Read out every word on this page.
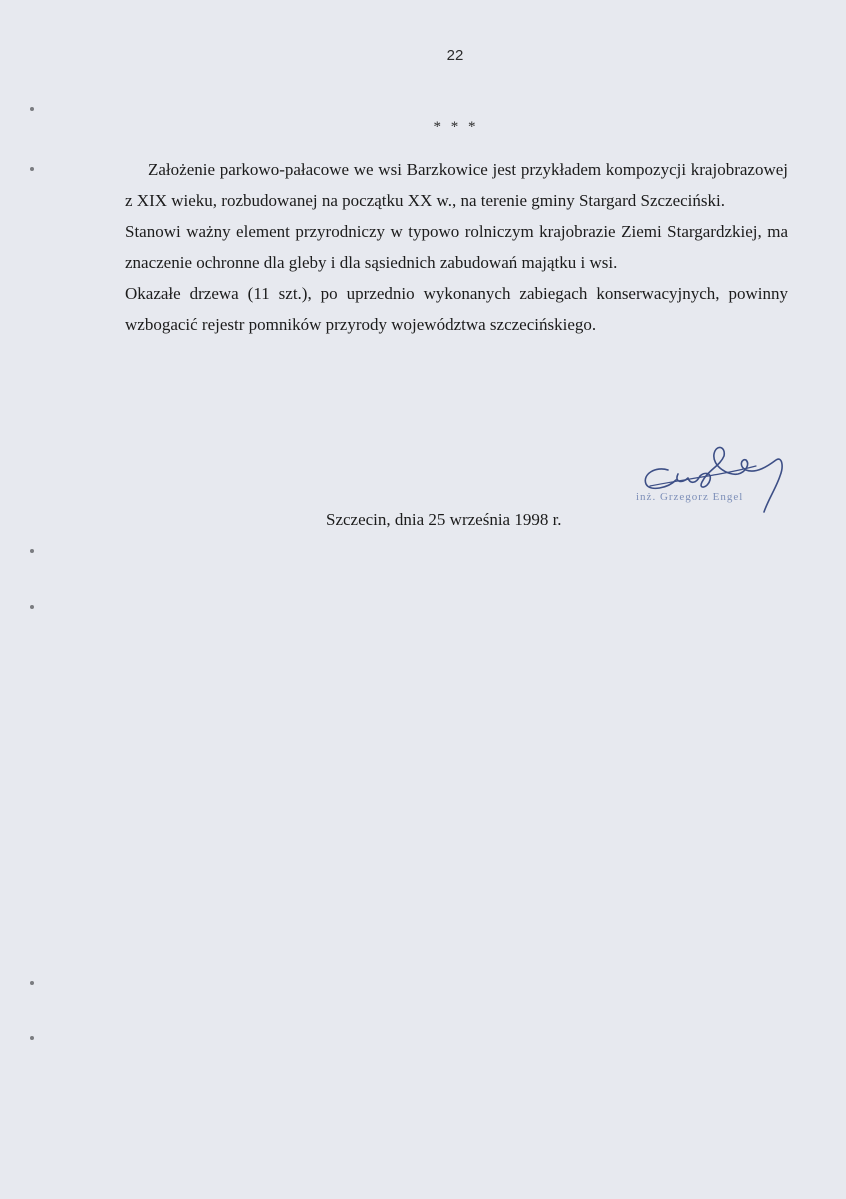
22
* * *

Założenie parkowo-pałacowe we wsi Barzkowice jest przykładem kompozycji krajobrazowej z XIX wieku, rozbudowanej na początku XX w., na terenie gminy Stargard Szczeciński.

Stanowi ważny element przyrodniczy w typowo rolniczym krajobrazie Ziemi Stargardzkiej, ma znaczenie ochronne dla gleby i dla sąsiednich zabudowań majątku i wsi.

Okazałe drzewa (11 szt.), po uprzednio wykonanych zabiegach konserwacyjnych, powinny wzbogacić rejestr pomników przyrody województwa szczecińskiego.

inż. Grzegorz Engel
Szczecin, dnia 25 września 1998 r.
